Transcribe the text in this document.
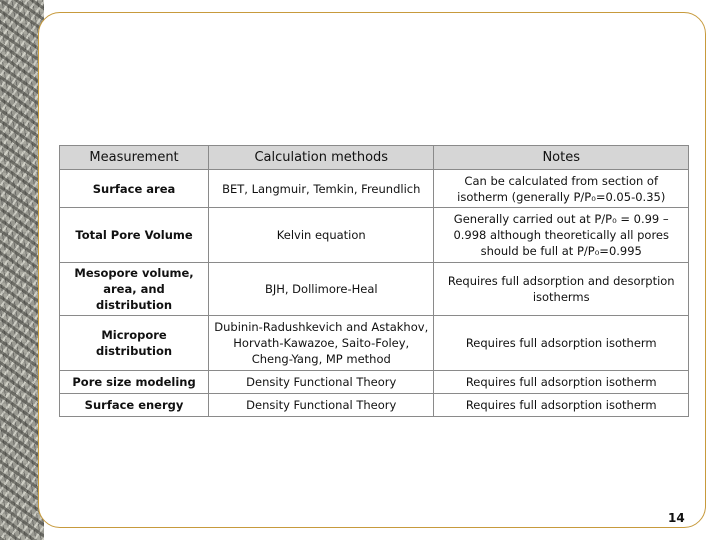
Measurement	Calculation methods	Notes
Surface area	BET, Langmuir, Temkin, Freundlich	Can be calculated from section of isotherm (generally P/P₀=0.05-0.35)
Total Pore Volume	Kelvin equation	Generally carried out at P/P₀ = 0.99 – 0.998 although theoretically all pores should be full at P/P₀=0.995
Mesopore volume, area, and distribution	BJH, Dollimore-Heal	Requires full adsorption and desorption isotherms
Micropore distribution	Dubinin-Radushkevich and Astakhov, Horvath-Kawazoe, Saito-Foley, Cheng-Yang, MP method	Requires full adsorption isotherm
Pore size modeling	Density Functional Theory	Requires full adsorption isotherm
Surface energy	Density Functional Theory	Requires full adsorption isotherm
14
